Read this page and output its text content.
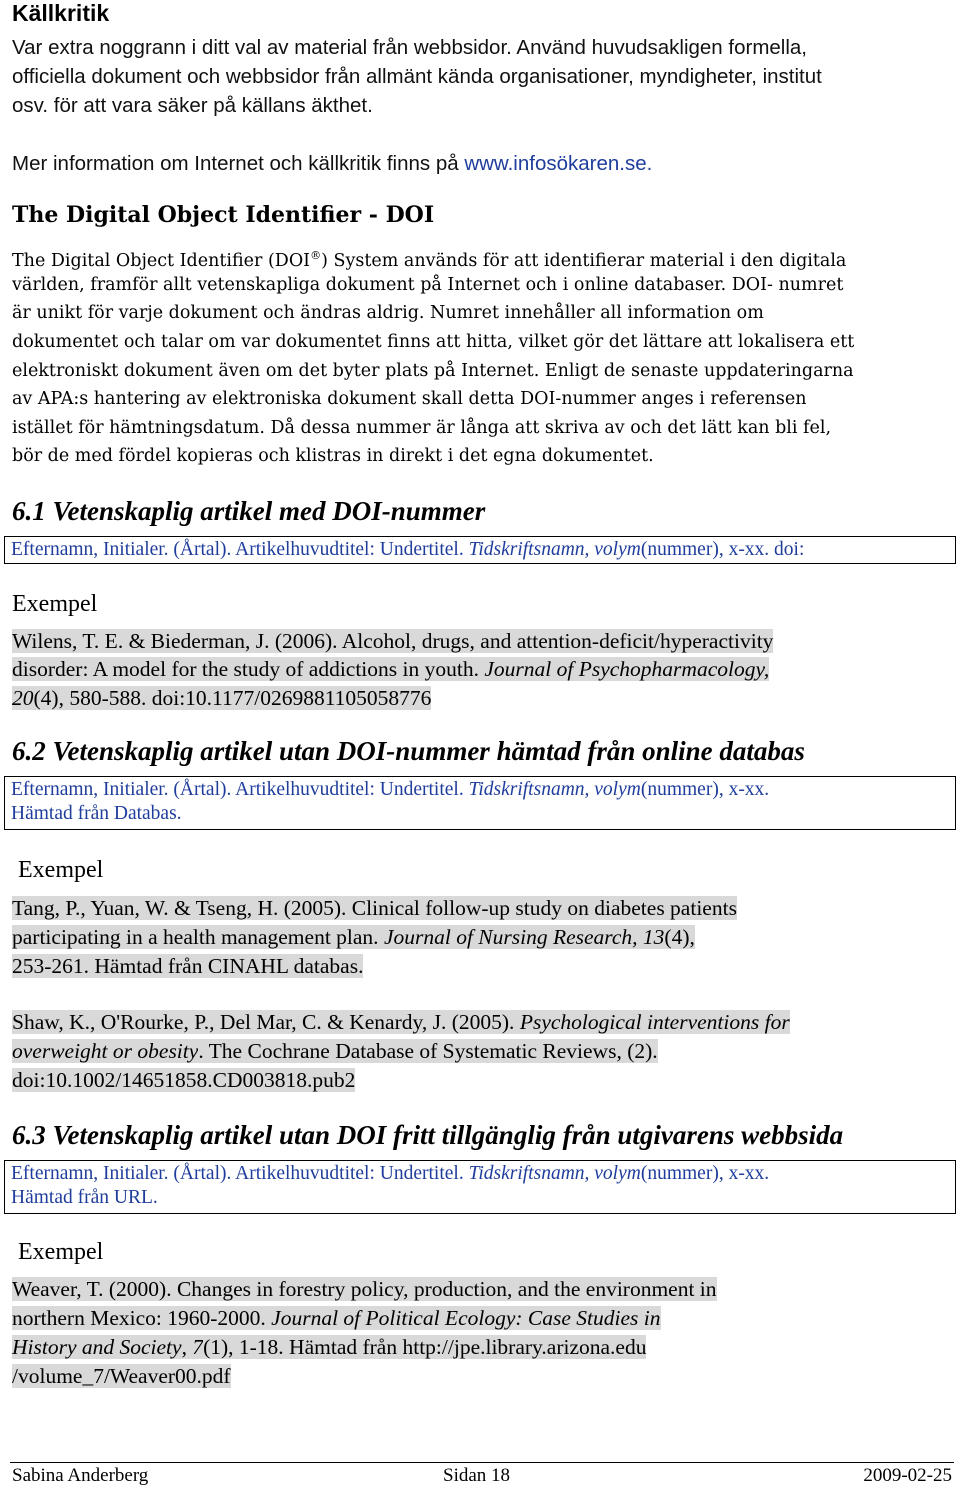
Källkritik
Var extra noggrann i ditt val av material från webbsidor. Använd huvudsakligen formella,
officiella dokument och webbsidor från allmänt kända organisationer, myndigheter, institut
osv. för att vara säker på källans äkthet.
Mer information om Internet och källkritik finns på www.infosökaren.se.
The Digital Object Identifier - DOI
The Digital Object Identifier (DOI®) System används för att identifierar material i den digitala
världen, framför allt vetenskapliga dokument på Internet och i online databaser. DOI- numret
är unikt för varje dokument och ändras aldrig. Numret innehåller all information om
dokumentet och talar om var dokumentet finns att hitta, vilket gör det lättare att lokalisera ett
elektroniskt dokument även om det byter plats på Internet. Enligt de senaste uppdateringarna
av APA:s hantering av elektroniska dokument skall detta DOI-nummer anges i referensen
istället för hämtningsdatum. Då dessa nummer är långa att skriva av och det lätt kan bli fel,
bör de med fördel kopieras och klistras in direkt i det egna dokumentet.
6.1 Vetenskaplig artikel med DOI-nummer
Efternamn, Initialer. (Årtal). Artikelhuvudtitel: Undertitel. Tidskriftsnamn, volym(nummer), x-xx. doi:
Exempel
Wilens, T. E. & Biederman, J. (2006). Alcohol, drugs, and attention-deficit/hyperactivity
disorder: A model for the study of addictions in youth. Journal of Psychopharmacology,
20(4), 580-588. doi:10.1177/0269881105058776
6.2 Vetenskaplig artikel utan DOI-nummer hämtad från online databas
Efternamn, Initialer. (Årtal). Artikelhuvudtitel: Undertitel. Tidskriftsnamn, volym(nummer), x-xx.
Hämtad från Databas.
Exempel
Tang, P., Yuan, W. & Tseng, H. (2005). Clinical follow-up study on diabetes patients
participating in a health management plan. Journal of Nursing Research, 13(4),
253-261. Hämtad från CINAHL databas.
Shaw, K., O'Rourke, P., Del Mar, C. & Kenardy, J. (2005). Psychological interventions for
overweight or obesity. The Cochrane Database of Systematic Reviews, (2).
doi:10.1002/14651858.CD003818.pub2
6.3 Vetenskaplig artikel utan DOI fritt tillgänglig från utgivarens webbsida
Efternamn, Initialer. (Årtal). Artikelhuvudtitel: Undertitel. Tidskriftsnamn, volym(nummer), x-xx.
Hämtad från URL.
Exempel
Weaver, T. (2000). Changes in forestry policy, production, and the environment in
northern Mexico: 1960-2000. Journal of Political Ecology: Case Studies in
History and Society, 7(1), 1-18. Hämtad från http://jpe.library.arizona.edu
/volume_7/Weaver00.pdf
Sabina Anderberg	Sidan 18	2009-02-25
